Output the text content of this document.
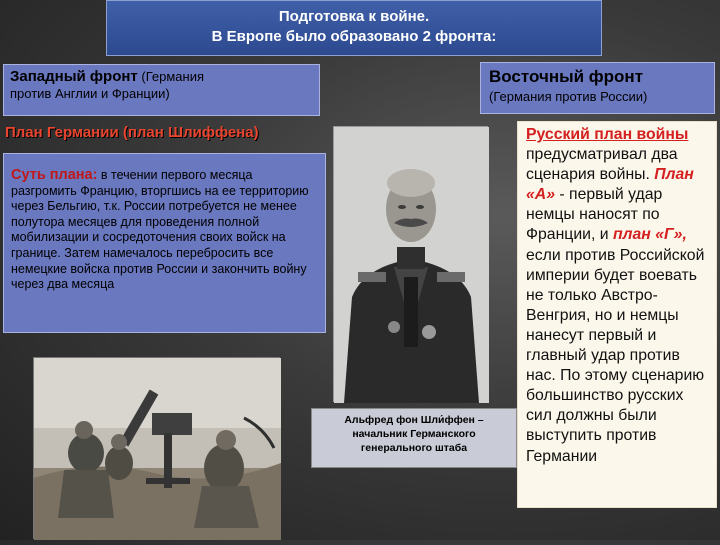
Подготовка к войне.
В Европе было образовано 2 фронта:
Западный фронт (Германия
против Англии и Франции)
Восточный фронт
(Германия против России)
План Германии (план Шлиффена)
Суть плана: в течении первого месяца разгромить Францию, вторгшись на ее территорию через Бельгию, т.к. России потребуется не менее полутора месяцев для проведения полной мобилизации и сосредоточения своих войск на границе. Затем намечалось перебросить все немецкие войска против России и закончить войну через два месяца
Альфред фон Шли́ффен –
начальник Германского
генерального штаба
Русский план войны предусматривал два сценария войны. План «А» - первый удар немцы наносят по Франции, и план «Г», если против Российской империи будет воевать не только Австро-Венгрия, но и немцы нанесут первый и главный удар против нас. По этому сценарию большинство русских сил должны были выступить против Германии
